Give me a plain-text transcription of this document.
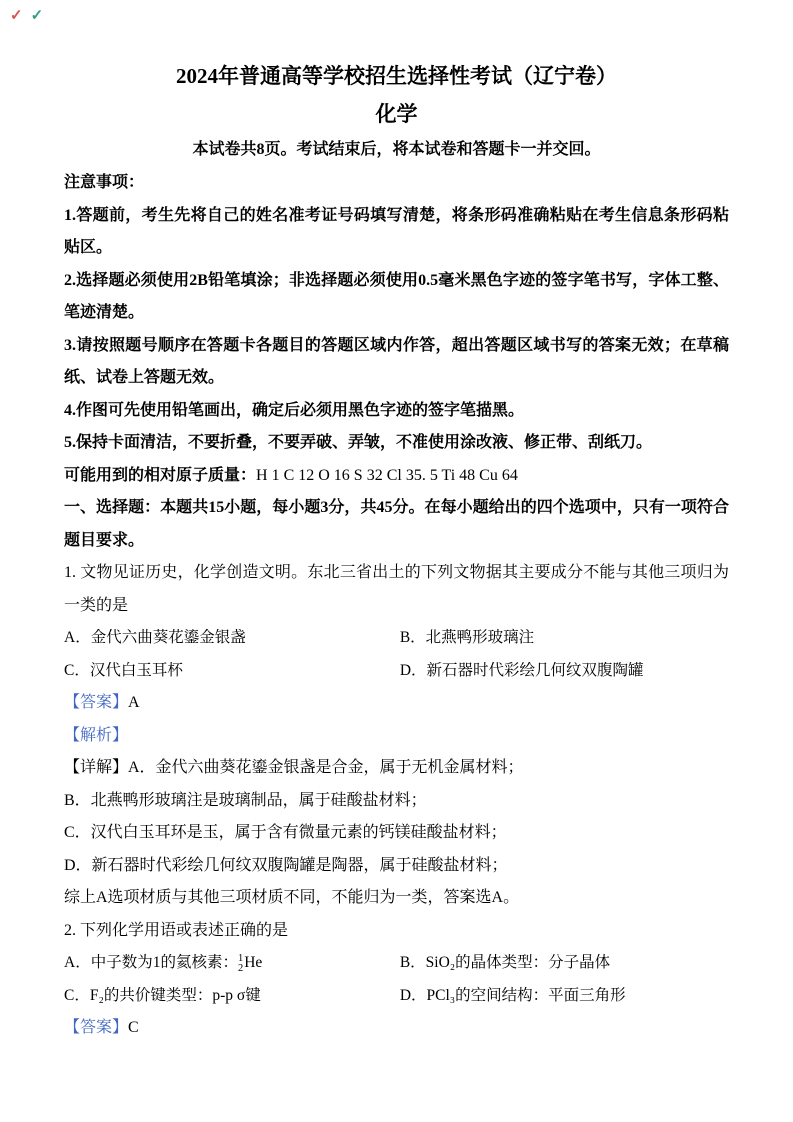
✓✓
2024年普通高等学校招生选择性考试（辽宁卷）
化学

本试卷共8页。考试结束后，将本试卷和答题卡一并交回。

注意事项：

1.答题前，考生先将自己的姓名准考证号码填写清楚，将条形码准确粘贴在考生信息条形码粘贴区。

2.选择题必须使用2B铅笔填涂；非选择题必须使用0.5毫米黑色字迹的签字笔书写，字体工整、笔迹清楚。

3.请按照题号顺序在答题卡各题目的答题区域内作答，超出答题区域书写的答案无效；在草稿纸、试卷上答题无效。

4.作图可先使用铅笔画出，确定后必须用黑色字迹的签字笔描黑。

5.保持卡面清洁，不要折叠，不要弄破、弄皱，不准使用涂改液、修正带、刮纸刀。

可能用到的相对原子质量：H 1 C 12 O 16 S 32 Cl 35. 5 Ti 48 Cu 64

一、选择题：本题共15小题，每小题3分，共45分。在每小题给出的四个选项中，只有一项符合题目要求。

1. 文物见证历史，化学创造文明。东北三省出土的下列文物据其主要成分不能与其他三项归为一类的是

A．金代六曲葵花鎏金银盏	B．北燕鸭形玻璃注
C．汉代白玉耳杯	D．新石器时代彩绘几何纹双腹陶罐

【答案】A

【解析】

【详解】A．金代六曲葵花鎏金银盏是合金，属于无机金属材料；

B．北燕鸭形玻璃注是玻璃制品，属于硅酸盐材料；

C．汉代白玉耳环是玉，属于含有微量元素的钙镁硅酸盐材料；

D．新石器时代彩绘几何纹双腹陶罐是陶器，属于硅酸盐材料；

综上A选项材质与其他三项材质不同，不能归为一类，答案选A。

2. 下列化学用语或表述正确的是

A．中子数为1的氦核素： 1
2 He	B．SiO₂的晶体类型：分子晶体
C．F₂的共价键类型：p-p σ键	D．PCl₃的空间结构：平面三角形

【答案】C
